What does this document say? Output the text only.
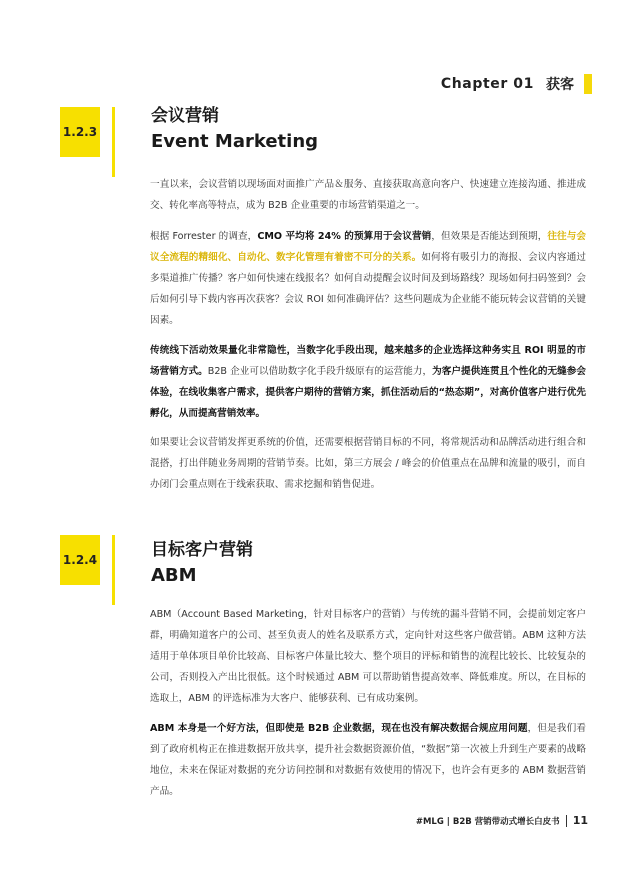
Chapter 01 获客
1.2.3
会议营销
Event Marketing

一直以来，会议营销以现场面对面推广产品＆服务、直接获取高意向客户、快速建立连接沟通、推进成交、转化率高等特点，成为 B2B 企业重要的市场营销渠道之一。

根据 Forrester 的调查，CMO 平均将 24% 的预算用于会议营销，但效果是否能达到预期，往往与会议全流程的精细化、自动化、数字化管理有着密不可分的关系。如何将有吸引力的海报、会议内容通过多渠道推广传播？客户如何快速在线报名？如何自动提醒会议时间及到场路线？现场如何扫码签到？会后如何引导下载内容再次获客？会议 ROI 如何准确评估？这些问题成为企业能不能玩转会议营销的关键因素。

传统线下活动效果量化非常隐性，当数字化手段出现，越来越多的企业选择这种务实且 ROI 明显的市场营销方式。B2B 企业可以借助数字化手段升级原有的运营能力，为客户提供连贯且个性化的无缝参会体验，在线收集客户需求，提供客户期待的营销方案，抓住活动后的“热态期”，对高价值客户进行优先孵化，从而提高营销效率。

如果要让会议营销发挥更系统的价值，还需要根据营销目标的不同，将常规活动和品牌活动进行组合和混搭，打出伴随业务周期的营销节奏。比如，第三方展会 / 峰会的价值重点在品牌和流量的吸引，而自办闭门会重点则在于线索获取、需求挖掘和销售促进。

1.2.4	目标客户营销
ABM

ABM（Account Based Marketing，针对目标客户的营销）与传统的漏斗营销不同，会提前划定客户群，明确知道客户的公司、甚至负责人的姓名及联系方式，定向针对这些客户做营销。ABM 这种方法适用于单体项目单价比较高、目标客户体量比较大、整个项目的评标和销售的流程比较长、比较复杂的公司，否则投入产出比很低。这个时候通过 ABM 可以帮助销售提高效率、降低难度。所以，在目标的选取上，ABM 的评选标准为大客户、能够获利、已有成功案例。

ABM 本身是一个好方法，但即使是 B2B 企业数据，现在也没有解决数据合规应用问题，但是我们看到了政府机构正在推进数据开放共享，提升社会数据资源价值，“数据”第一次被上升到生产要素的战略地位，未来在保证对数据的充分访问控制和对数据有效使用的情况下，也许会有更多的 ABM 数据营销产品。

#MLG | B2B 营销带动式增长白皮书 11
